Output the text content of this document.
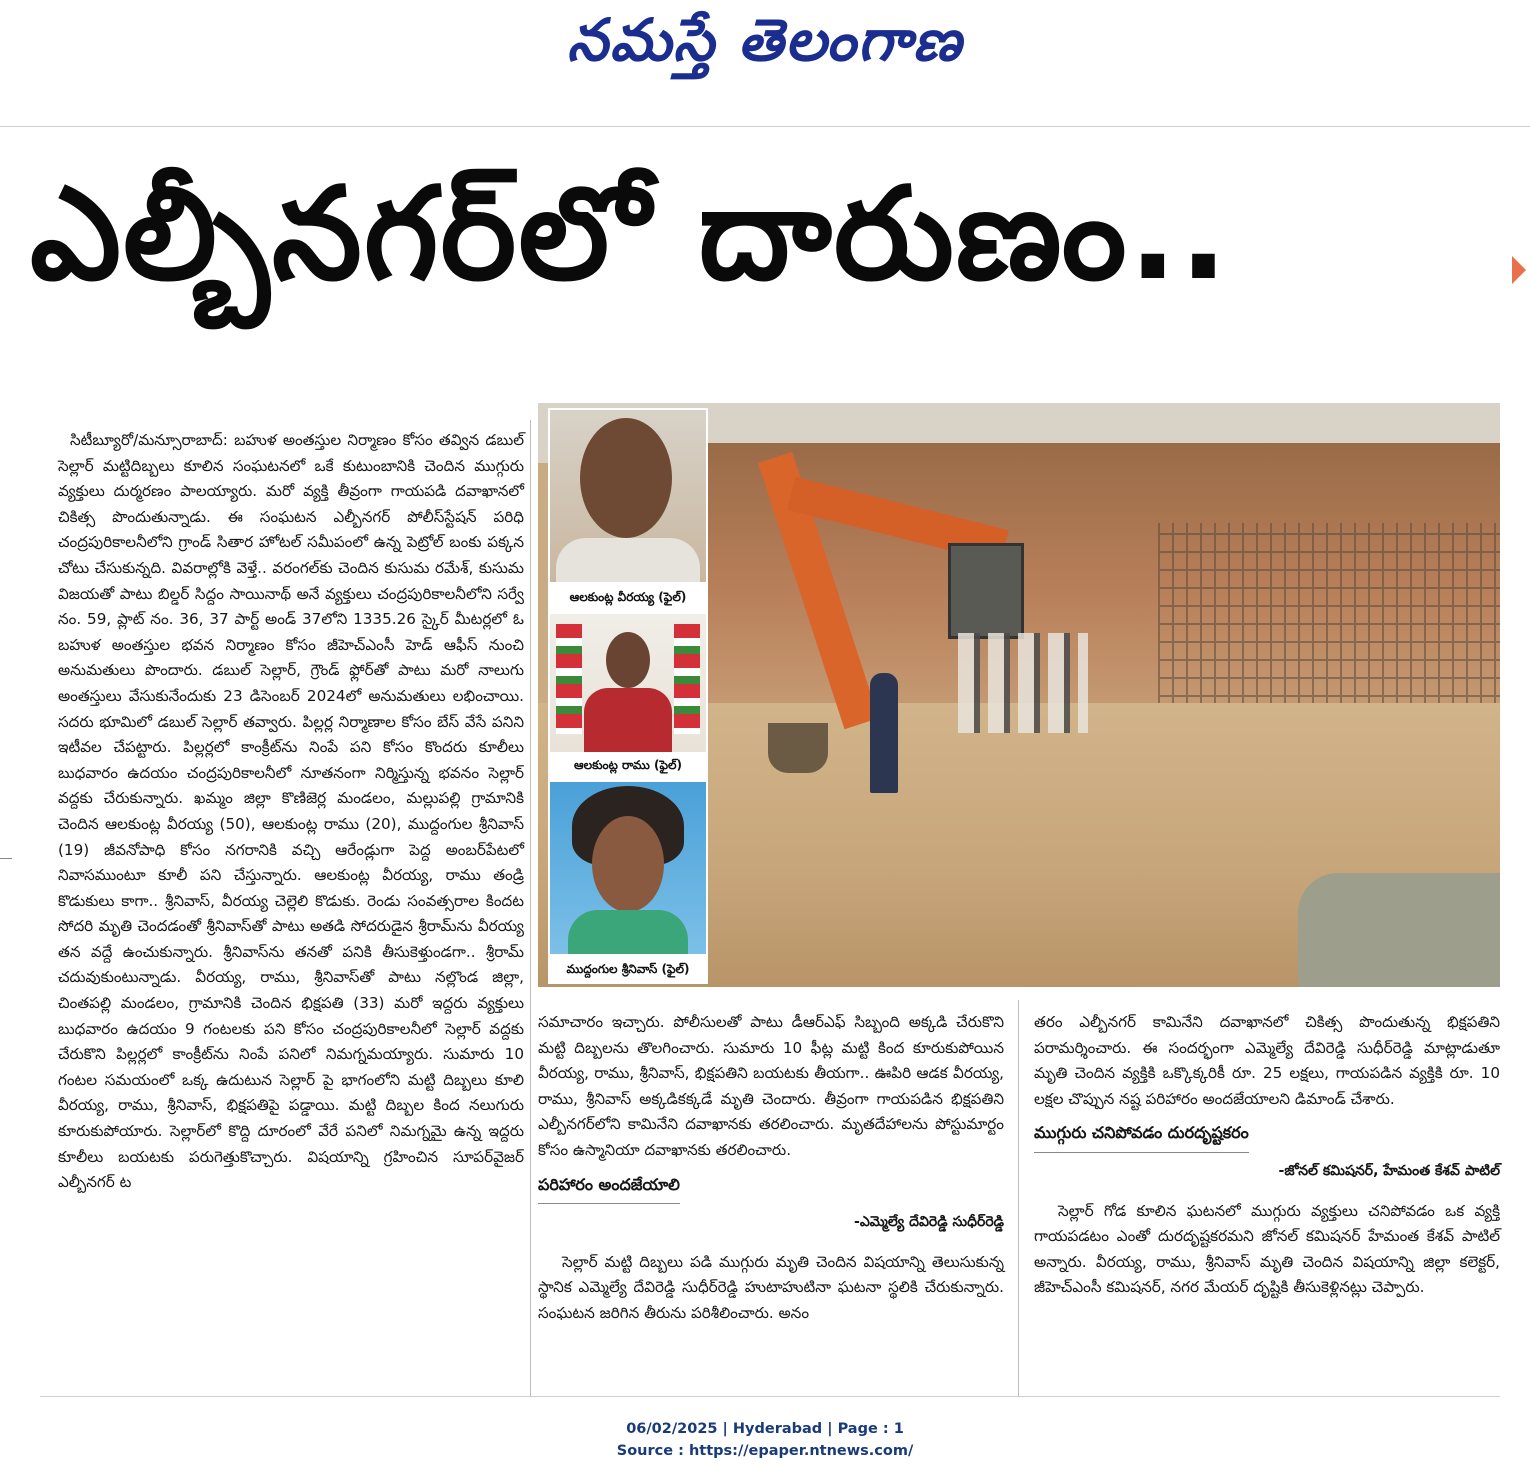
నమస్తే తెలంగాణ
ఎల్బీనగర్‌లో దారుణం..

సిటీబ్యూరో/మన్సూరాబాద్: బహుళ అంతస్తుల నిర్మాణం కోసం తవ్విన డబుల్ సెల్లార్ మట్టిదిబ్బలు కూలిన సంఘటనలో ఒకే కుటుంబానికి చెందిన ముగ్గురు వ్యక్తులు దుర్మరణం పాలయ్యారు. మరో వ్యక్తి తీవ్రంగా గాయపడి దవాఖానలో చికిత్స పొందుతున్నాడు. ఈ సంఘటన ఎల్బీనగర్ పోలీస్‌స్టేషన్ పరిధి చంద్రపురికాలనీలోని గ్రాండ్ సితార హోటల్ సమీపంలో ఉన్న పెట్రోల్ బంకు పక్కన చోటు చేసుకున్నది. వివరాల్లోకి వెళ్తే.. వరంగల్‌కు చెందిన కుసుమ రమేశ్, కుసుమ విజయతో పాటు బిల్డర్ సిద్దం సాయినాథ్ అనే వ్యక్తులు చంద్రపురికాలనీలోని సర్వే నం. 59, ప్లాట్ నం. 36, 37 పార్ట్ అండ్ 37లోని 1335.26 స్కైర్ మీటర్లలో ఓ బహుళ అంతస్తుల భవన నిర్మాణం కోసం జీహెచ్ఎంసీ హెడ్ ఆఫీస్ నుంచి అనుమతులు పొందారు. డబుల్ సెల్లార్, గ్రౌండ్ ఫ్లోర్‌తో పాటు మరో నాలుగు అంతస్తులు వేసుకునేందుకు 23 డిసెంబర్ 2024లో అనుమతులు లభించాయి. సదరు భూమిలో డబుల్ సెల్లార్ తవ్వారు. పిల్లర్ల నిర్మాణాల కోసం బేస్ వేసే పనిని ఇటీవల చేపట్టారు. పిల్లర్లలో కాంక్రీట్‌ను నింపే పని కోసం కొందరు కూలీలు బుధవారం ఉదయం చంద్రపురికాలనీలో నూతనంగా నిర్మిస్తున్న భవనం సెల్లార్ వద్దకు చేరుకున్నారు. ఖమ్మం జిల్లా కొణిజెర్ల మండలం, మల్లుపల్లి గ్రామానికి చెందిన ఆలకుంట్ల వీరయ్య (50), ఆలకుంట్ల రాము (20), ముద్దంగుల శ్రీనివాస్ (19) జీవనోపాధి కోసం నగరానికి వచ్చి ఆరేండ్లుగా పెద్ద అంబర్‌పేటలో నివాసముంటూ కూలీ పని చేస్తున్నారు. ఆలకుంట్ల వీరయ్య, రాము తండ్రి కొడుకులు కాగా.. శ్రీనివాస్, వీరయ్య చెల్లెలి కొడుకు. రెండు సంవత్సరాల కిందట సోదరి మృతి చెందడంతో శ్రీనివాస్‌తో పాటు అతడి సోదరుడైన శ్రీరామ్‌ను వీరయ్య తన వద్దే ఉంచుకున్నారు. శ్రీనివాస్‌ను తనతో పనికి తీసుకెళ్తుండగా.. శ్రీరామ్ చదువుకుంటున్నాడు. వీరయ్య, రాము, శ్రీనివాస్‌తో పాటు నల్లొండ జిల్లా, చింతపల్లి మండలం, గ్రామానికి చెందిన భిక్షపతి (33) మరో ఇద్దరు వ్యక్తులు బుధవారం ఉదయం 9 గంటలకు పని కోసం చంద్రపురికాలనీలో సెల్లార్ వద్దకు చేరుకొని పిల్లర్లలో కాంక్రీట్‌ను నింపే పనిలో నిమగ్నమయ్యారు. సుమారు 10 గంటల సమయంలో ఒక్క ఉదుటున సెల్లార్ పై భాగంలోని మట్టి దిబ్బలు కూలి వీరయ్య, రాము, శ్రీనివాస్, భిక్షపతిపై పడ్డాయి. మట్టి దిబ్బల కింద నలుగురు కూరుకుపోయారు. సెల్లార్‌లో కొద్ది దూరంలో వేరే పనిలో నిమగ్నమై ఉన్న ఇద్దరు కూలీలు బయటకు పరుగెత్తుకొచ్చారు. విషయాన్ని గ్రహించిన సూపర్‌వైజర్ ఎల్బీనగర్ ట

ఆలకుంట్ల వీరయ్య (ఫైల్)
ఆలకుంట్ల రాము (ఫైల్)
ముద్దంగుల శ్రీనివాస్ (ఫైల్)

సమాచారం ఇచ్చారు. పోలీసులతో పాటు డీఆర్ఎఫ్ సిబ్బంది అక్కడి చేరుకొని మట్టి దిబ్బలను తొలగించారు. సుమారు 10 ఫీట్ల మట్టి కింద కూరుకుపోయిన వీరయ్య, రాము, శ్రీనివాస్, భిక్షపతిని బయటకు తీయగా.. ఊపిరి ఆడక వీరయ్య, రాము, శ్రీనివాస్ అక్కడికక్కడే మృతి చెందారు. తీవ్రంగా గాయపడిన భిక్షపతిని ఎల్బీనగర్‌లోని కామినేని దవాఖానకు తరలించారు. మృతదేహాలను పోస్టుమార్టం కోసం ఉస్మానియా దవాఖానకు తరలించారు.

పరిహారం అందజేయాలి
-ఎమ్మెల్యే దేవిరెడ్డి సుధీర్‌రెడ్డి

సెల్లార్ మట్టి దిబ్బలు పడి ముగ్గురు మృతి చెందిన విషయాన్ని తెలుసుకున్న స్థానిక ఎమ్మెల్యే దేవిరెడ్డి సుధీర్‌రెడ్డి హుటాహుటినా ఘటనా స్థలికి చేరుకున్నారు. సంఘటన జరిగిన తీరును పరిశీలించారు. అనం

తరం ఎల్బీనగర్ కామినేని దవాఖానలో చికిత్స పొందుతున్న భిక్షపతిని పరామర్శించారు. ఈ సందర్భంగా ఎమ్మెల్యే దేవిరెడ్డి సుధీర్‌రెడ్డి మాట్లాడుతూ మృతి చెందిన వ్యక్తికి ఒక్కొక్కరికీ రూ. 25 లక్షలు, గాయపడిన వ్యక్తికి రూ. 10 లక్షల చొప్పున నష్ట పరిహారం అందజేయాలని డిమాండ్ చేశారు.

ముగ్గురు చనిపోవడం దురదృష్టకరం
-జోనల్ కమిషనర్, హేమంత కేశవ్ పాటిల్

సెల్లార్ గోడ కూలిన ఘటనలో ముగ్గురు వ్యక్తులు చనిపోవడం ఒక వ్యక్తి గాయపడటం ఎంతో దురదృష్టకరమని జోనల్ కమిషనర్ హేమంత కేశవ్ పాటిల్ అన్నారు. వీరయ్య, రాము, శ్రీనివాస్ మృతి చెందిన విషయాన్ని జిల్లా కలెక్టర్, జీహెచ్ఎంసీ కమిషనర్, నగర మేయర్ దృష్టికి తీసుకెళ్లినట్లు చెప్పారు.

06/02/2025 | Hyderabad | Page : 1
Source : https://epaper.ntnews.com/
